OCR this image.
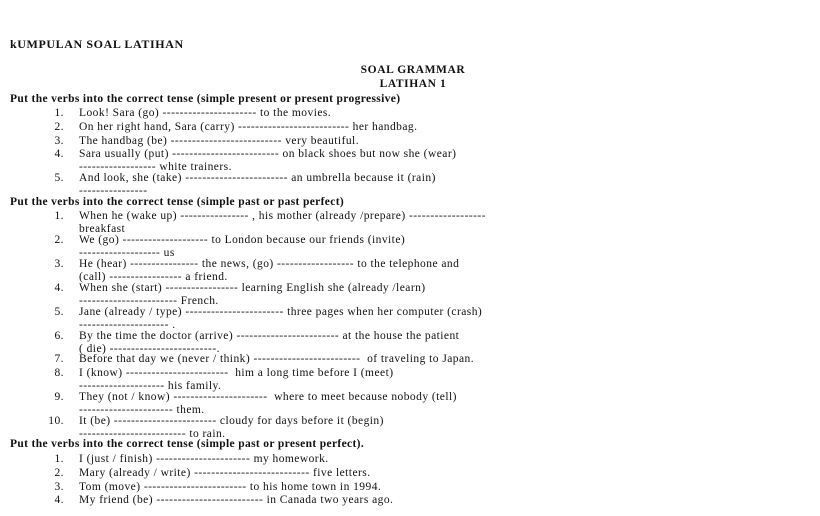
kUMPULAN SOAL LATIHAN
SOAL GRAMMAR
LATIHAN 1
Put the verbs into the correct tense (simple present or present progressive)
1. Look! Sara (go) ---------------------- to the movies.
2. On her right hand, Sara (carry) -------------------------- her handbag.
3. The handbag (be) -------------------------- very beautiful.
4. Sara usually (put) ------------------------- on black shoes but now she (wear)
------------------ white trainers.
5. And look, she (take) ------------------------ an umbrella because it (rain)
----------------
Put the verbs into the correct tense (simple past or past perfect)
1. When he (wake up) ---------------- , his mother (already /prepare) ------------------
breakfast
2. We (go) -------------------- to London because our friends (invite)
------------------- us
3. He (hear) ---------------- the news, (go) ------------------ to the telephone and
(call) ----------------- a friend.
4. When she (start) ----------------- learning English she (already /learn)
----------------------- French.
5. Jane (already / type) ----------------------- three pages when her computer (crash)
--------------------- .
6. By the time the doctor (arrive) ------------------------ at the house the patient
( die) -------------------------.
7. Before that day we (never / think) -------------------------  of traveling to Japan.
8. I (know) ------------------------  him a long time before I (meet)
-------------------- his family.
9. They (not / know) ----------------------  where to meet because nobody (tell)
---------------------- them.
10. It (be) ------------------------ cloudy for days before it (begin)
------------------------- to rain.
Put the verbs into the correct tense (simple past or present perfect).
1. I (just / finish) ---------------------- my homework.
2. Mary (already / write) --------------------------- five letters.
3. Tom (move) ------------------------ to his home town in 1994.
4. My friend (be) ------------------------- in Canada two years ago.
